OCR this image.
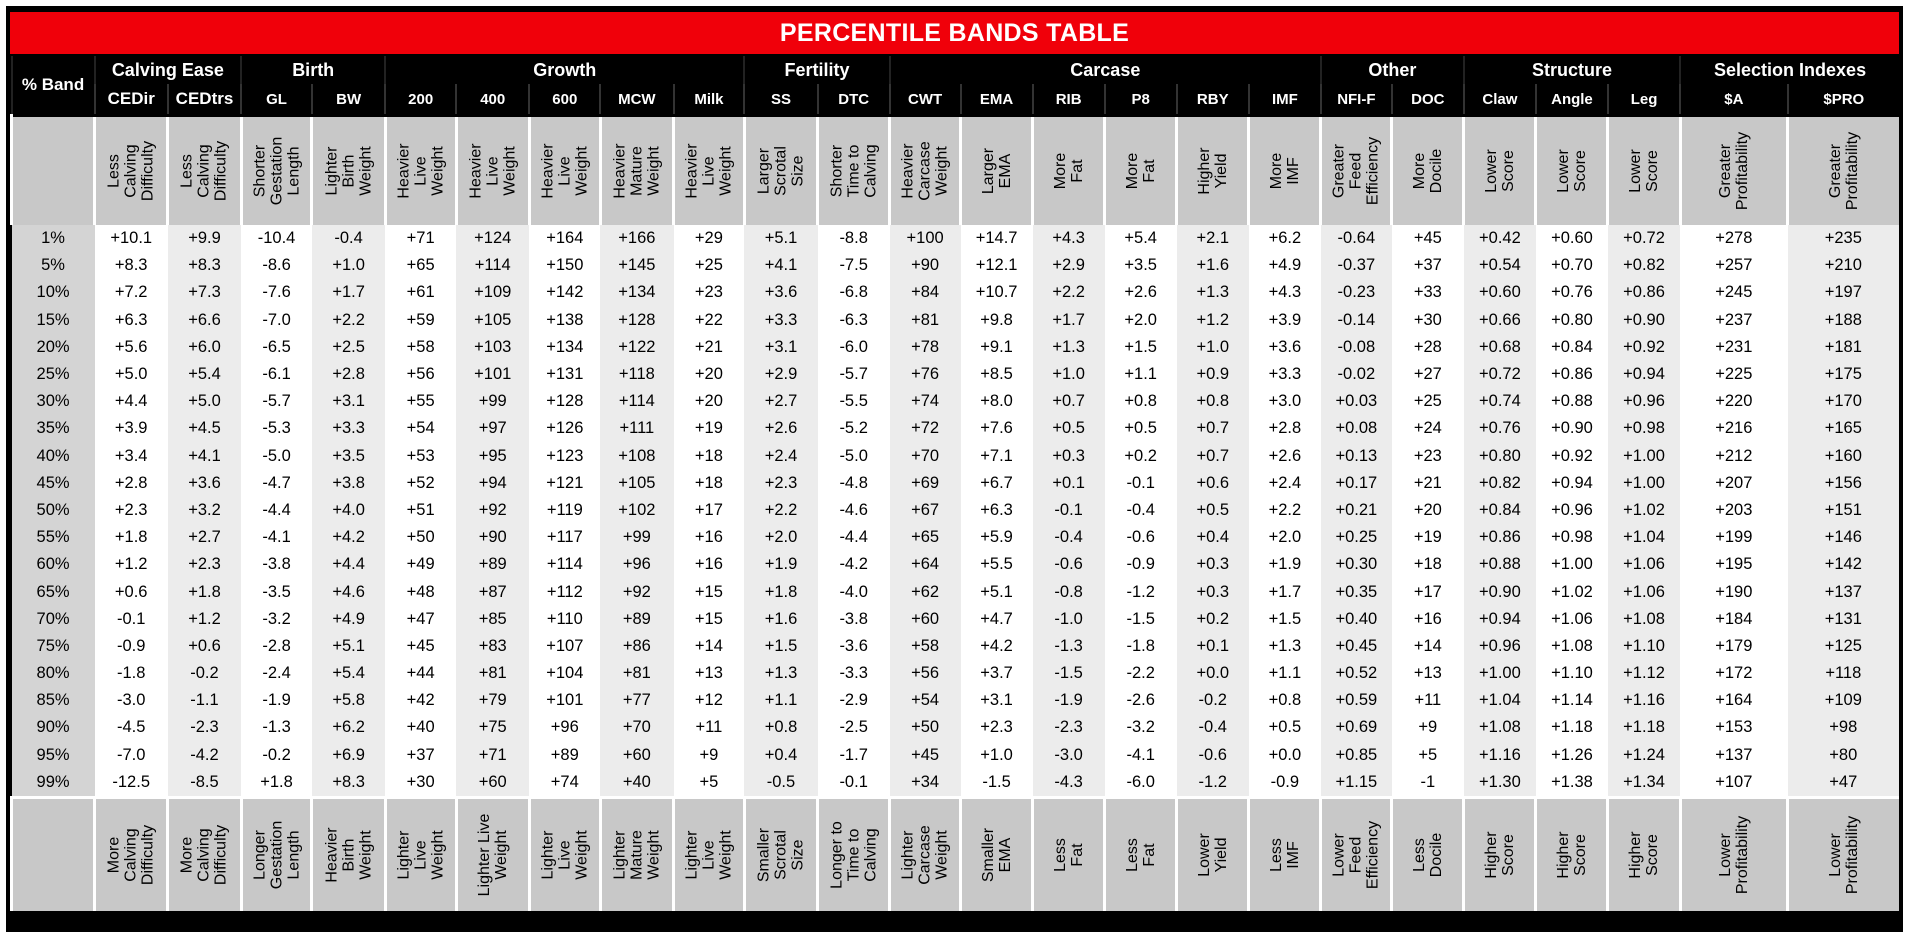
PERCENTILE BANDS TABLE
% Band	Calving Ease		Birth		Growth					Fertility		Carcase						Other		Structure			Selection Indexes	
	CEDir	CEDtrs	GL	BW	200	400	600	MCW	Milk	SS	DTC	CWT	EMA	RIB	P8	RBY	IMF	NFI-F	DOC	Claw	Angle	Leg	$A	$PRO

	Less
Calving
Difficulty	Less
Calving
Difficulty	Shorter
Gestation
Length	Lighter
Birth
Weight	Heavier
Live
Weight	Heavier
Live
Weight	Heavier
Live
Weight	Heavier
Mature
Weight	Heavier
Live
Weight	Larger
Scrotal
Size	Shorter
Time to
Calving	Heavier
Carcase
Weight	Larger
EMA	More
Fat	More
Fat	Higher
Yield	More
IMF	Greater
Feed
Efficiency	More
Docile	Lower
Score	Lower
Score	Lower
Score	Greater
Profitability	Greater
Profitability

1%	+10.1	+9.9	-10.4	-0.4	+71	+124	+164	+166	+29	+5.1	-8.8	+100	+14.7	+4.3	+5.4	+2.1	+6.2	-0.64	+45	+0.42	+0.60	+0.72	+278	+235
5%	+8.3	+8.3	-8.6	+1.0	+65	+114	+150	+145	+25	+4.1	-7.5	+90	+12.1	+2.9	+3.5	+1.6	+4.9	-0.37	+37	+0.54	+0.70	+0.82	+257	+210
10%	+7.2	+7.3	-7.6	+1.7	+61	+109	+142	+134	+23	+3.6	-6.8	+84	+10.7	+2.2	+2.6	+1.3	+4.3	-0.23	+33	+0.60	+0.76	+0.86	+245	+197
15%	+6.3	+6.6	-7.0	+2.2	+59	+105	+138	+128	+22	+3.3	-6.3	+81	+9.8	+1.7	+2.0	+1.2	+3.9	-0.14	+30	+0.66	+0.80	+0.90	+237	+188
20%	+5.6	+6.0	-6.5	+2.5	+58	+103	+134	+122	+21	+3.1	-6.0	+78	+9.1	+1.3	+1.5	+1.0	+3.6	-0.08	+28	+0.68	+0.84	+0.92	+231	+181
25%	+5.0	+5.4	-6.1	+2.8	+56	+101	+131	+118	+20	+2.9	-5.7	+76	+8.5	+1.0	+1.1	+0.9	+3.3	-0.02	+27	+0.72	+0.86	+0.94	+225	+175
30%	+4.4	+5.0	-5.7	+3.1	+55	+99	+128	+114	+20	+2.7	-5.5	+74	+8.0	+0.7	+0.8	+0.8	+3.0	+0.03	+25	+0.74	+0.88	+0.96	+220	+170
35%	+3.9	+4.5	-5.3	+3.3	+54	+97	+126	+111	+19	+2.6	-5.2	+72	+7.6	+0.5	+0.5	+0.7	+2.8	+0.08	+24	+0.76	+0.90	+0.98	+216	+165
40%	+3.4	+4.1	-5.0	+3.5	+53	+95	+123	+108	+18	+2.4	-5.0	+70	+7.1	+0.3	+0.2	+0.7	+2.6	+0.13	+23	+0.80	+0.92	+1.00	+212	+160
45%	+2.8	+3.6	-4.7	+3.8	+52	+94	+121	+105	+18	+2.3	-4.8	+69	+6.7	+0.1	-0.1	+0.6	+2.4	+0.17	+21	+0.82	+0.94	+1.00	+207	+156
50%	+2.3	+3.2	-4.4	+4.0	+51	+92	+119	+102	+17	+2.2	-4.6	+67	+6.3	-0.1	-0.4	+0.5	+2.2	+0.21	+20	+0.84	+0.96	+1.02	+203	+151
55%	+1.8	+2.7	-4.1	+4.2	+50	+90	+117	+99	+16	+2.0	-4.4	+65	+5.9	-0.4	-0.6	+0.4	+2.0	+0.25	+19	+0.86	+0.98	+1.04	+199	+146
60%	+1.2	+2.3	-3.8	+4.4	+49	+89	+114	+96	+16	+1.9	-4.2	+64	+5.5	-0.6	-0.9	+0.3	+1.9	+0.30	+18	+0.88	+1.00	+1.06	+195	+142
65%	+0.6	+1.8	-3.5	+4.6	+48	+87	+112	+92	+15	+1.8	-4.0	+62	+5.1	-0.8	-1.2	+0.3	+1.7	+0.35	+17	+0.90	+1.02	+1.06	+190	+137
70%	-0.1	+1.2	-3.2	+4.9	+47	+85	+110	+89	+15	+1.6	-3.8	+60	+4.7	-1.0	-1.5	+0.2	+1.5	+0.40	+16	+0.94	+1.06	+1.08	+184	+131
75%	-0.9	+0.6	-2.8	+5.1	+45	+83	+107	+86	+14	+1.5	-3.6	+58	+4.2	-1.3	-1.8	+0.1	+1.3	+0.45	+14	+0.96	+1.08	+1.10	+179	+125
80%	-1.8	-0.2	-2.4	+5.4	+44	+81	+104	+81	+13	+1.3	-3.3	+56	+3.7	-1.5	-2.2	+0.0	+1.1	+0.52	+13	+1.00	+1.10	+1.12	+172	+118
85%	-3.0	-1.1	-1.9	+5.8	+42	+79	+101	+77	+12	+1.1	-2.9	+54	+3.1	-1.9	-2.6	-0.2	+0.8	+0.59	+11	+1.04	+1.14	+1.16	+164	+109
90%	-4.5	-2.3	-1.3	+6.2	+40	+75	+96	+70	+11	+0.8	-2.5	+50	+2.3	-2.3	-3.2	-0.4	+0.5	+0.69	+9	+1.08	+1.18	+1.18	+153	+98
95%	-7.0	-4.2	-0.2	+6.9	+37	+71	+89	+60	+9	+0.4	-1.7	+45	+1.0	-3.0	-4.1	-0.6	+0.0	+0.85	+5	+1.16	+1.26	+1.24	+137	+80
99%	-12.5	-8.5	+1.8	+8.3	+30	+60	+74	+40	+5	-0.5	-0.1	+34	-1.5	-4.3	-6.0	-1.2	-0.9	+1.15	-1	+1.30	+1.38	+1.34	+107	+47

	More
Calving
Difficulty	More
Calving
Difficulty	Longer
Gestation
Length	Heavier
Birth
Weight	Lighter
Live
Weight	Lighter Live
Weight	Lighter
Live
Weight	Lighter
Mature
Weight	Lighter
Live
Weight	Smaller
Scrotal
Size	Longer to
Time to
Calving	Lighter
Carcase
Weight	Smaller
EMA	Less
Fat	Less
Fat	Lower
Yield	Less
IMF	Lower
Feed
Efficiency	Less
Docile	Higher
Score	Higher
Score	Higher
Score	Lower
Profitability	Lower
Profitability
